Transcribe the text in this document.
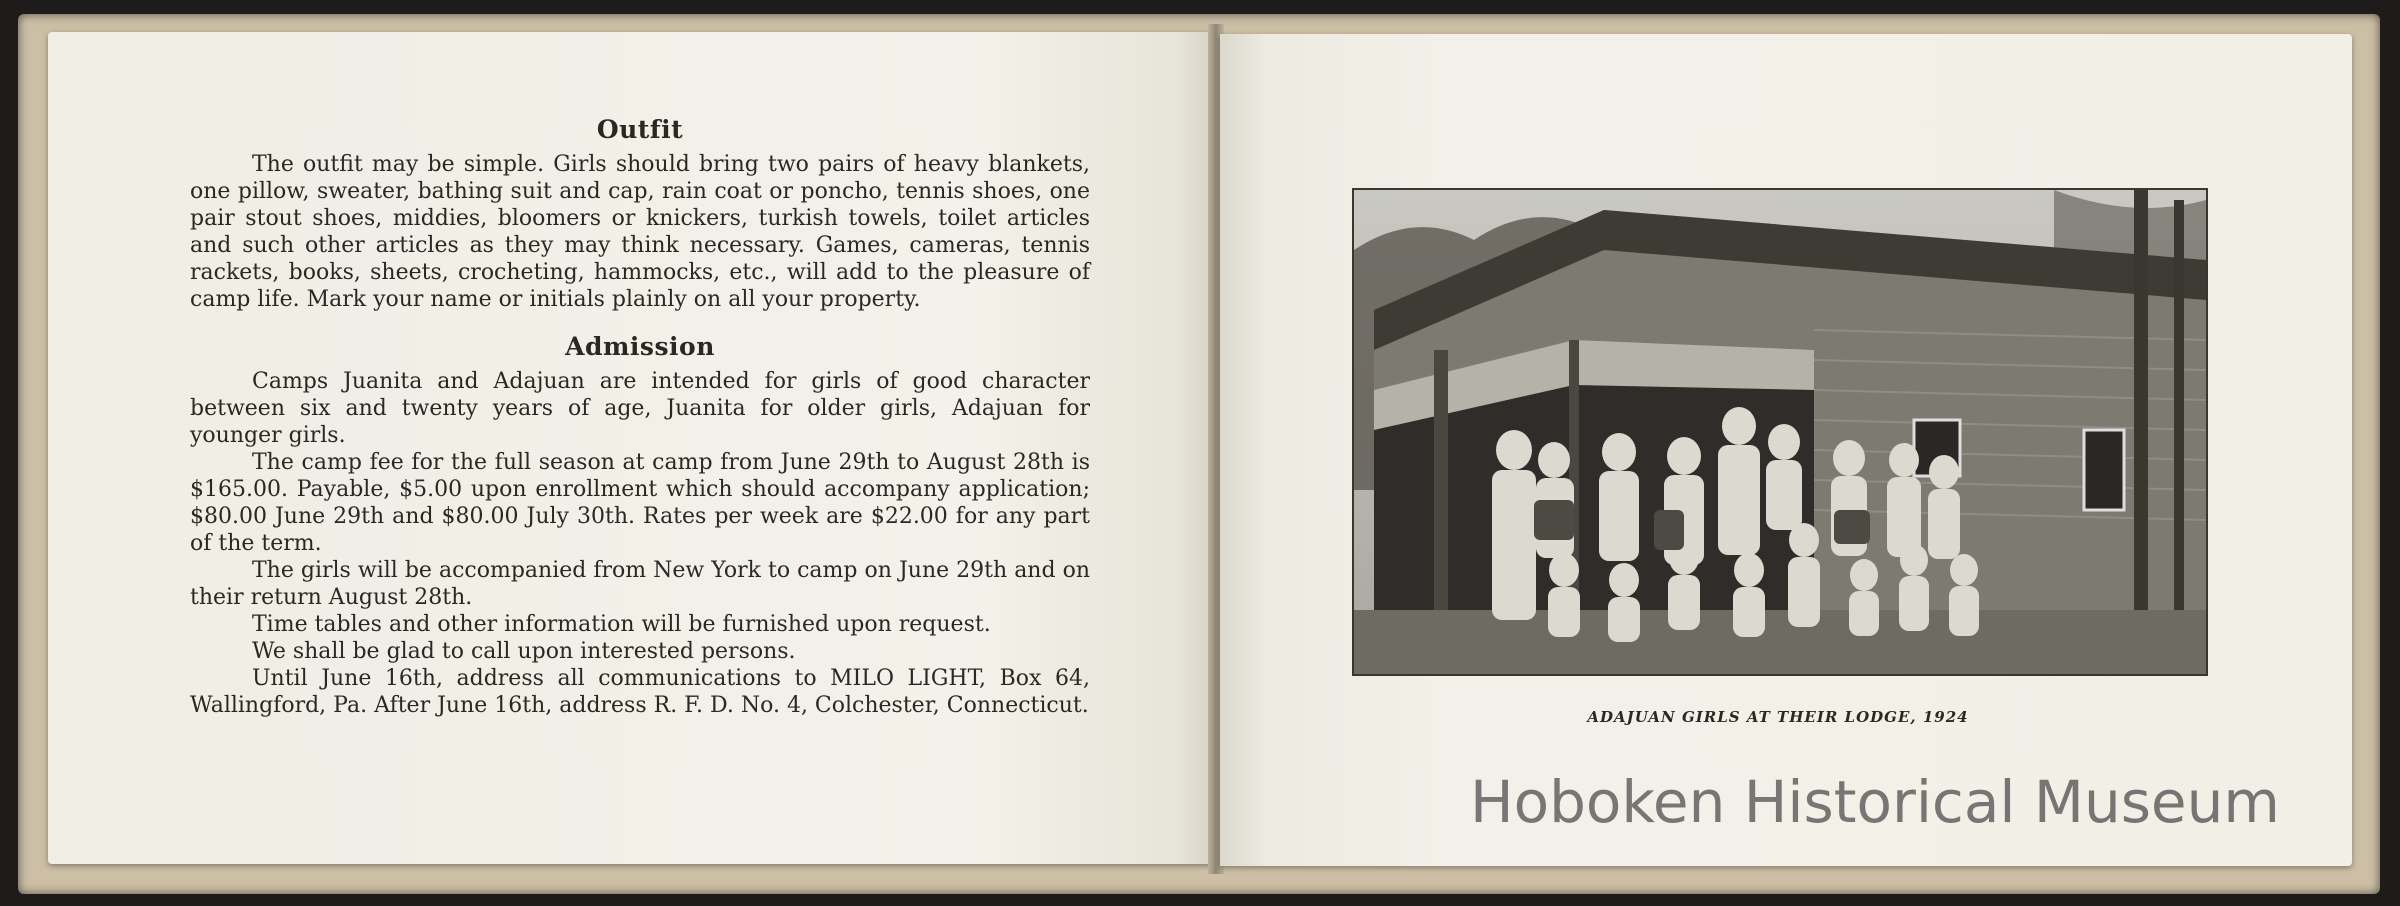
Outfit

The outfit may be simple. Girls should bring two pairs of heavy blankets, one pillow, sweater, bathing suit and cap, rain coat or poncho, tennis shoes, one pair stout shoes, middies, bloomers or knickers, turkish towels, toilet articles and such other articles as they may think necessary. Games, cameras, tennis rackets, books, sheets, crocheting, hammocks, etc., will add to the pleasure of camp life. Mark your name or initials plainly on all your property.

Admission

Camps Juanita and Adajuan are intended for girls of good character between six and twenty years of age, Juanita for older girls, Adajuan for younger girls.

The camp fee for the full season at camp from June 29th to August 28th is $165.00. Payable, $5.00 upon enrollment which should accompany application; $80.00 June 29th and $80.00 July 30th. Rates per week are $22.00 for any part of the term.

The girls will be accompanied from New York to camp on June 29th and on their return August 28th.

Time tables and other information will be furnished upon request.

We shall be glad to call upon interested persons.

Until June 16th, address all communications to MILO LIGHT, Box 64, Wallingford, Pa. After June 16th, address R. F. D. No. 4, Colchester, Connecticut.	ADAJUAN GIRLS AT THEIR LODGE, 1924
Hoboken Historical Museum
